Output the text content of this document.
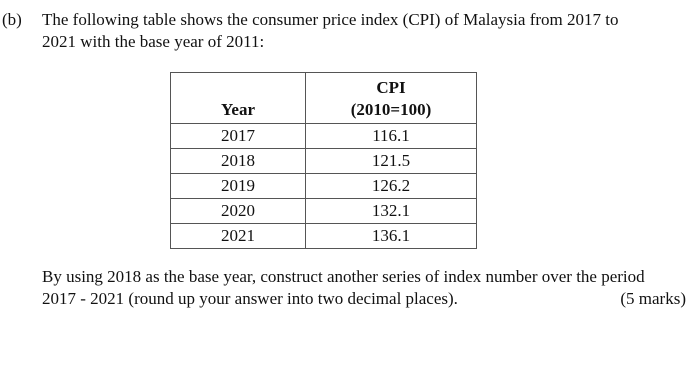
(b) The following table shows the consumer price index (CPI) of Malaysia from 2017 to
2021 with the base year of 2011:

Year	CPI
(2010=100)

2017	116.1
2018	121.5
2019	126.2
2020	132.1
2021	136.1

By using 2018 as the base year, construct another series of index number over the period
2017 - 2021 (round up your answer into two decimal places).	(5 marks)
